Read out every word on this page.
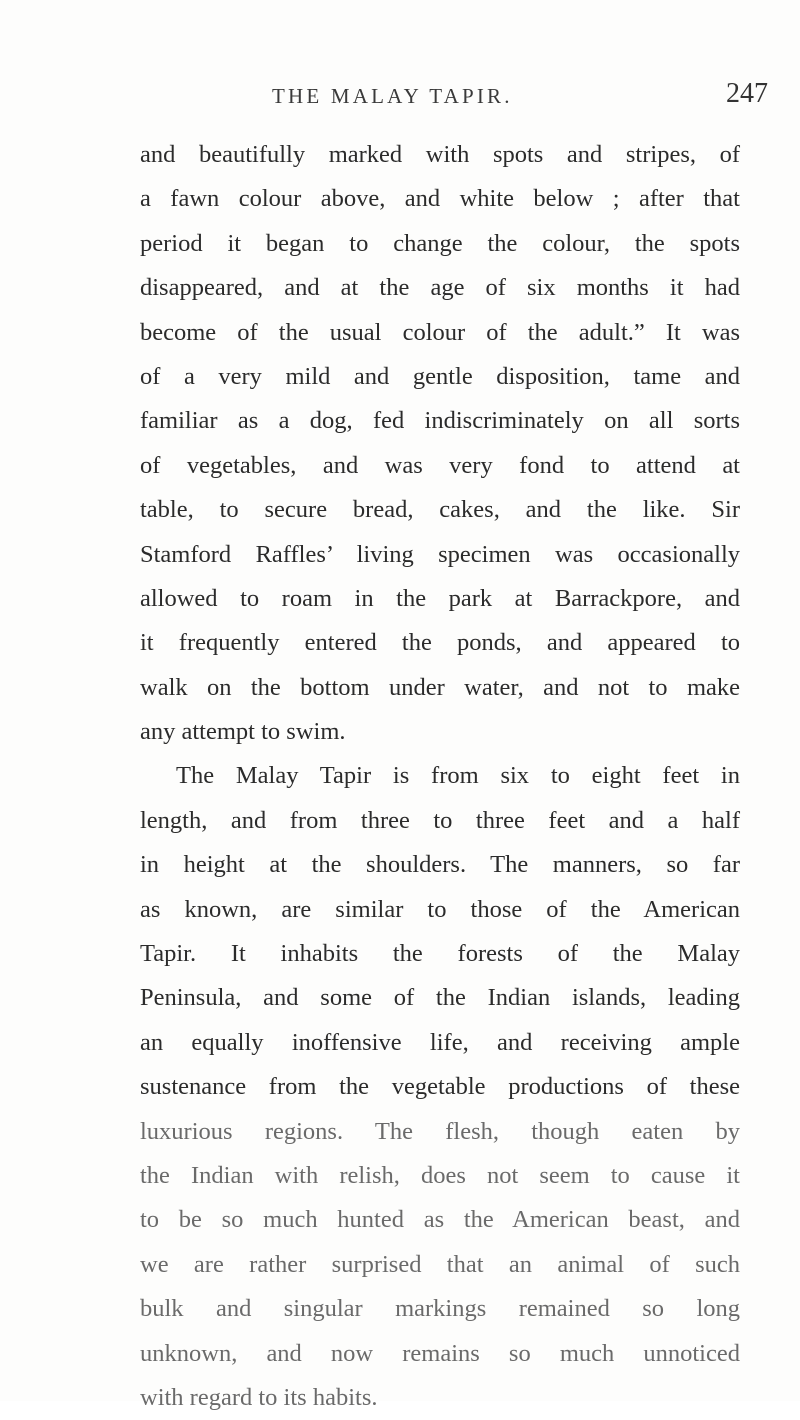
THE MALAY TAPIR.	247
and beautifully marked with spots and stripes, of
a fawn colour above, and white below ; after that
period it began to change the colour, the spots
disappeared, and at the age of six months it had
become of the usual colour of the adult.” It was
of a very mild and gentle disposition, tame and
familiar as a dog, fed indiscriminately on all sorts
of vegetables, and was very fond to attend at
table, to secure bread, cakes, and the like. Sir
Stamford Raffles’ living specimen was occasionally
allowed to roam in the park at Barrackpore, and
it frequently entered the ponds, and appeared to
walk on the bottom under water, and not to make
any attempt to swim.
The Malay Tapir is from six to eight feet in
length, and from three to three feet and a half
in height at the shoulders. The manners, so far
as known, are similar to those of the American
Tapir. It inhabits the forests of the Malay
Peninsula, and some of the Indian islands, leading
an equally inoffensive life, and receiving ample
sustenance from the vegetable productions of these
luxurious regions. The flesh, though eaten by
the Indian with relish, does not seem to cause it
to be so much hunted as the American beast, and
we are rather surprised that an animal of such
bulk and singular markings remained so long
unknown, and now remains so much unnoticed
with regard to its habits.
